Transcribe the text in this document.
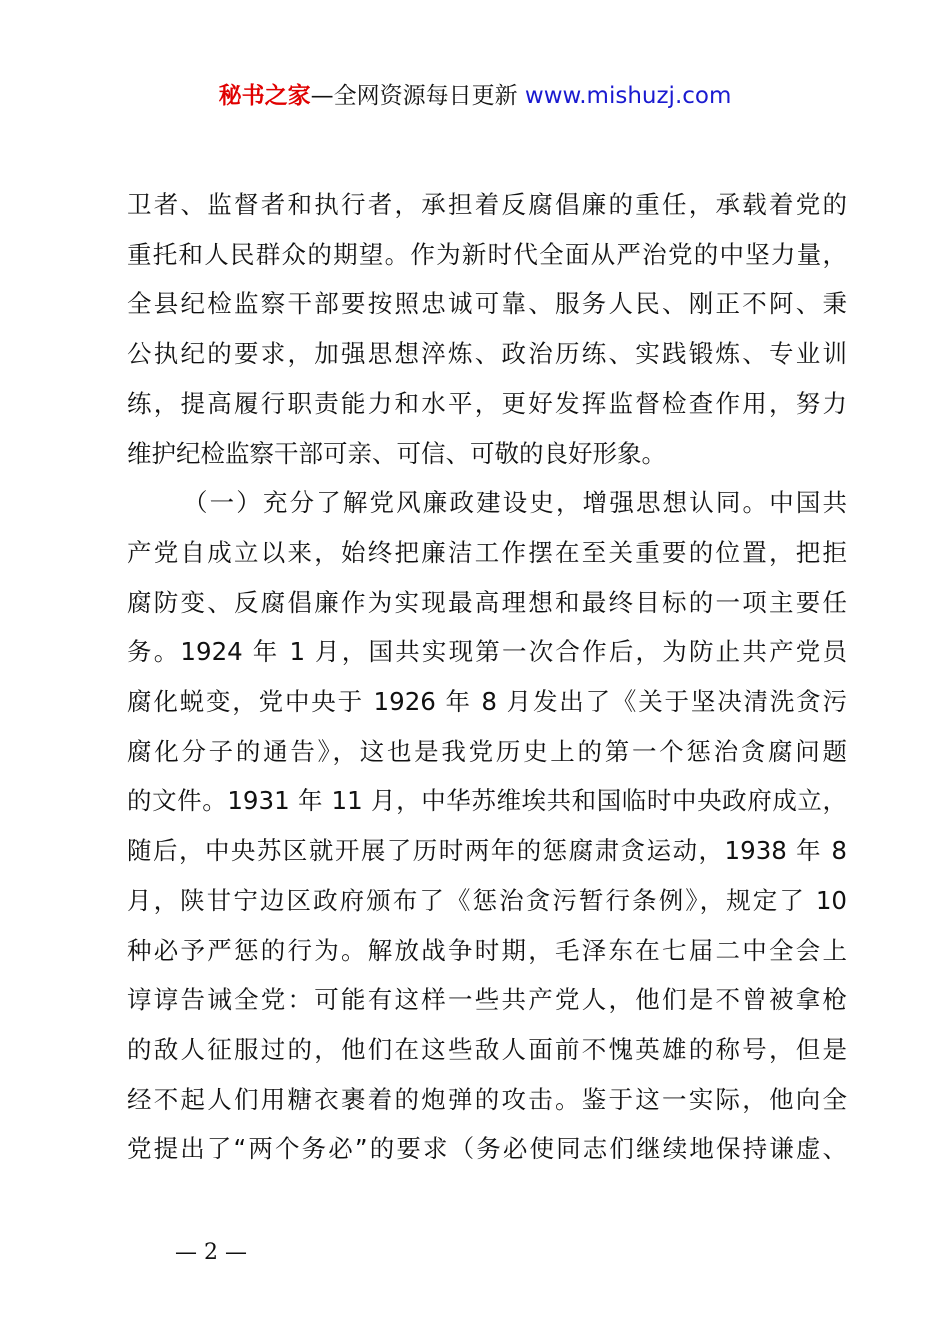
秘书之家—全网资源每日更新 www.mishuzj.com
卫者、监督者和执行者，承担着反腐倡廉的重任，承载着党的
重托和人民群众的期望。作为新时代全面从严治党的中坚力量，
全县纪检监察干部要按照忠诚可靠、服务人民、刚正不阿、秉
公执纪的要求，加强思想淬炼、政治历练、实践锻炼、专业训
练，提高履行职责能力和水平，更好发挥监督检查作用，努力
维护纪检监察干部可亲、可信、可敬的良好形象。
（一）充分了解党风廉政建设史，增强思想认同。中国共
产党自成立以来，始终把廉洁工作摆在至关重要的位置，把拒
腐防变、反腐倡廉作为实现最高理想和最终目标的一项主要任
务。1924 年 1 月，国共实现第一次合作后，为防止共产党员
腐化蜕变，党中央于 1926 年 8 月发出了《关于坚决清洗贪污
腐化分子的通告》，这也是我党历史上的第一个惩治贪腐问题
的文件。1931 年 11 月，中华苏维埃共和国临时中央政府成立，
随后，中央苏区就开展了历时两年的惩腐肃贪运动，1938 年 8
月，陕甘宁边区政府颁布了《惩治贪污暂行条例》，规定了 10
种必予严惩的行为。解放战争时期，毛泽东在七届二中全会上
谆谆告诫全党：可能有这样一些共产党人，他们是不曾被拿枪
的敌人征服过的，他们在这些敌人面前不愧英雄的称号，但是
经不起人们用糖衣裹着的炮弹的攻击。鉴于这一实际，他向全
党提出了“两个务必”的要求（务必使同志们继续地保持谦虚、
— 2 —
